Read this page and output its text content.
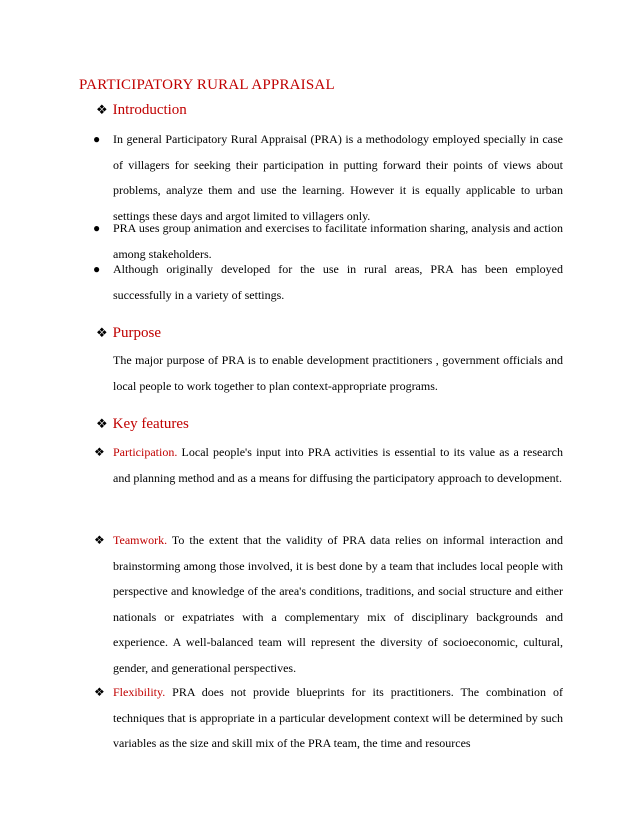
PARTICIPATORY RURAL APPRAISAL
❖ Introduction
● In general Participatory Rural Appraisal (PRA) is a methodology employed specially in case of villagers for seeking their participation in putting forward their points of views about problems, analyze them and use the learning. However it is equally applicable to urban settings these days and argot limited to villagers only.
● PRA uses group animation and exercises to facilitate information sharing, analysis and action among stakeholders.
● Although originally developed for the use in rural areas, PRA has been employed successfully in a variety of settings.
❖ Purpose
The major purpose of PRA is to enable development practitioners , government officials and local people to work together to plan context-appropriate programs.
❖ Key features
❖ Participation. Local people's input into PRA activities is essential to its value as a research and planning method and as a means for diffusing the participatory approach to development.
❖ Teamwork. To the extent that the validity of PRA data relies on informal interaction and brainstorming among those involved, it is best done by a team that includes local people with perspective and knowledge of the area's conditions, traditions, and social structure and either nationals or expatriates with a complementary mix of disciplinary backgrounds and experience. A well-balanced team will represent the diversity of socioeconomic, cultural, gender, and generational perspectives.
❖ Flexibility. PRA does not provide blueprints for its practitioners. The combination of techniques that is appropriate in a particular development context will be determined by such variables as the size and skill mix of the PRA team, the time and resources
